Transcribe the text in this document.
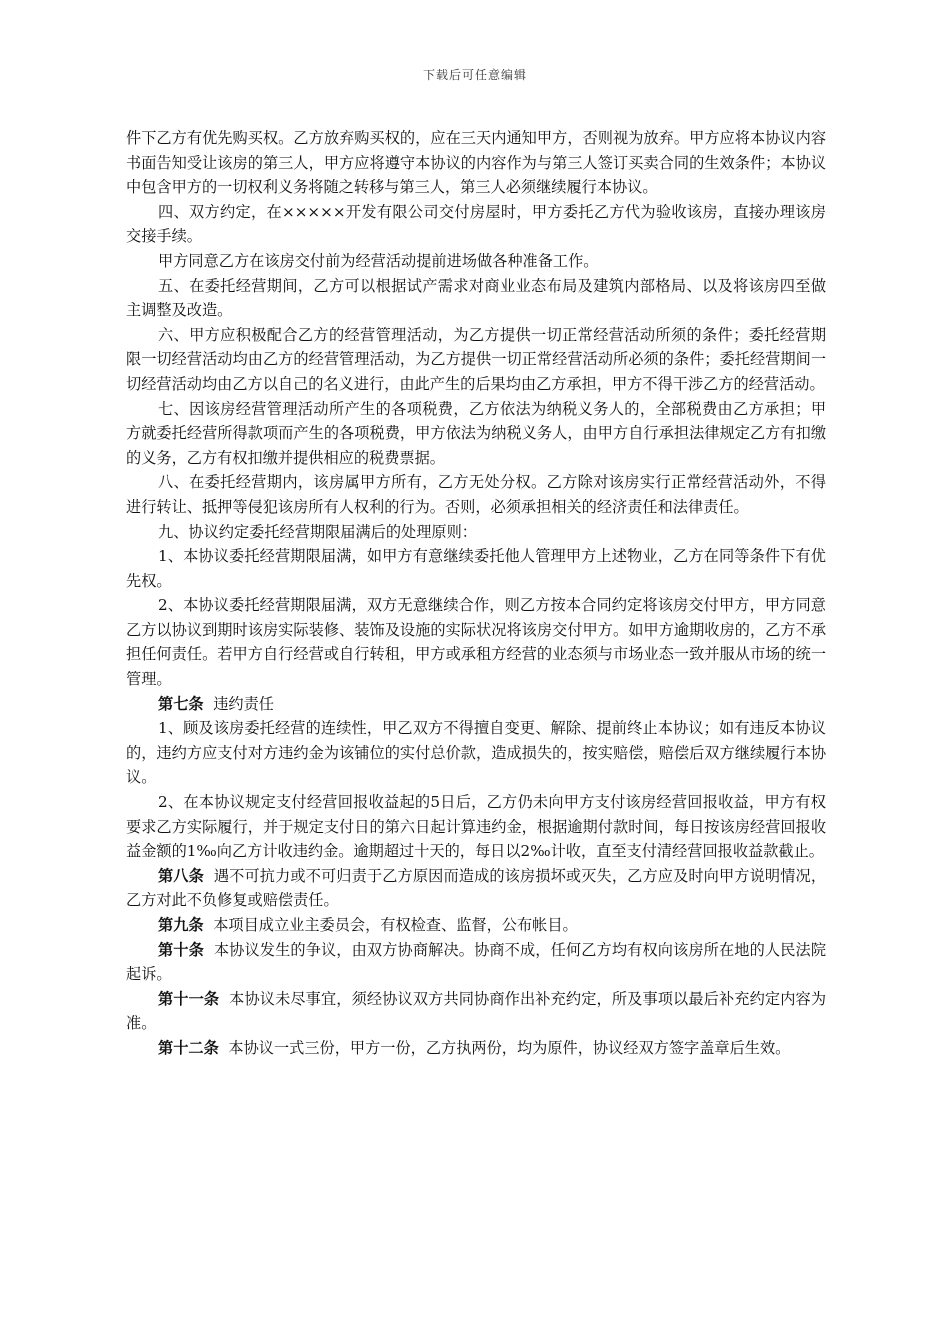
下载后可任意编辑

件下乙方有优先购买权。乙方放弃购买权的，应在三天内通知甲方，否则视为放弃。甲方应将本协议内容书面告知受让该房的第三人，甲方应将遵守本协议的内容作为与第三人签订买卖合同的生效条件；本协议中包含甲方的一切权利义务将随之转移与第三人，第三人必须继续履行本协议。

四、双方约定，在×××××开发有限公司交付房屋时，甲方委托乙方代为验收该房，直接办理该房交接手续。

甲方同意乙方在该房交付前为经营活动提前进场做各种准备工作。

五、在委托经营期间，乙方可以根据试产需求对商业业态布局及建筑内部格局、以及将该房四至做主调整及改造。

六、甲方应积极配合乙方的经营管理活动，为乙方提供一切正常经营活动所须的条件；委托经营期限一切经营活动均由乙方的经营管理活动，为乙方提供一切正常经营活动所必须的条件；委托经营期间一切经营活动均由乙方以自己的名义进行，由此产生的后果均由乙方承担，甲方不得干涉乙方的经营活动。

七、因该房经营管理活动所产生的各项税费，乙方依法为纳税义务人的，全部税费由乙方承担；甲方就委托经营所得款项而产生的各项税费，甲方依法为纳税义务人，由甲方自行承担法律规定乙方有扣缴的义务，乙方有权扣缴并提供相应的税费票据。

八、在委托经营期内，该房属甲方所有，乙方无处分权。乙方除对该房实行正常经营活动外，不得进行转让、抵押等侵犯该房所有人权利的行为。否则，必须承担相关的经济责任和法律责任。

九、协议约定委托经营期限届满后的处理原则：

1、本协议委托经营期限届满，如甲方有意继续委托他人管理甲方上述物业，乙方在同等条件下有优先权。

2、本协议委托经营期限届满，双方无意继续合作，则乙方按本合同约定将该房交付甲方，甲方同意乙方以协议到期时该房实际装修、装饰及设施的实际状况将该房交付甲方。如甲方逾期收房的，乙方不承担任何责任。若甲方自行经营或自行转租，甲方或承租方经营的业态须与市场业态一致并服从市场的统一管理。

第七条 违约责任

1、顾及该房委托经营的连续性，甲乙双方不得擅自变更、解除、提前终止本协议；如有违反本协议的，违约方应支付对方违约金为该铺位的实付总价款，造成损失的，按实赔偿，赔偿后双方继续履行本协议。

2、在本协议规定支付经营回报收益起的5日后，乙方仍未向甲方支付该房经营回报收益，甲方有权要求乙方实际履行，并于规定支付日的第六日起计算违约金，根据逾期付款时间，每日按该房经营回报收益金额的1‰向乙方计收违约金。逾期超过十天的，每日以2‰计收，直至支付清经营回报收益款截止。

第八条 遇不可抗力或不可归责于乙方原因而造成的该房损坏或灭失，乙方应及时向甲方说明情况，乙方对此不负修复或赔偿责任。

第九条 本项目成立业主委员会，有权检查、监督，公布帐目。

第十条 本协议发生的争议，由双方协商解决。协商不成，任何乙方均有权向该房所在地的人民法院起诉。

第十一条 本协议未尽事宜，须经协议双方共同协商作出补充约定，所及事项以最后补充约定内容为准。

第十二条 本协议一式三份，甲方一份，乙方执两份，均为原件，协议经双方签字盖章后生效。
